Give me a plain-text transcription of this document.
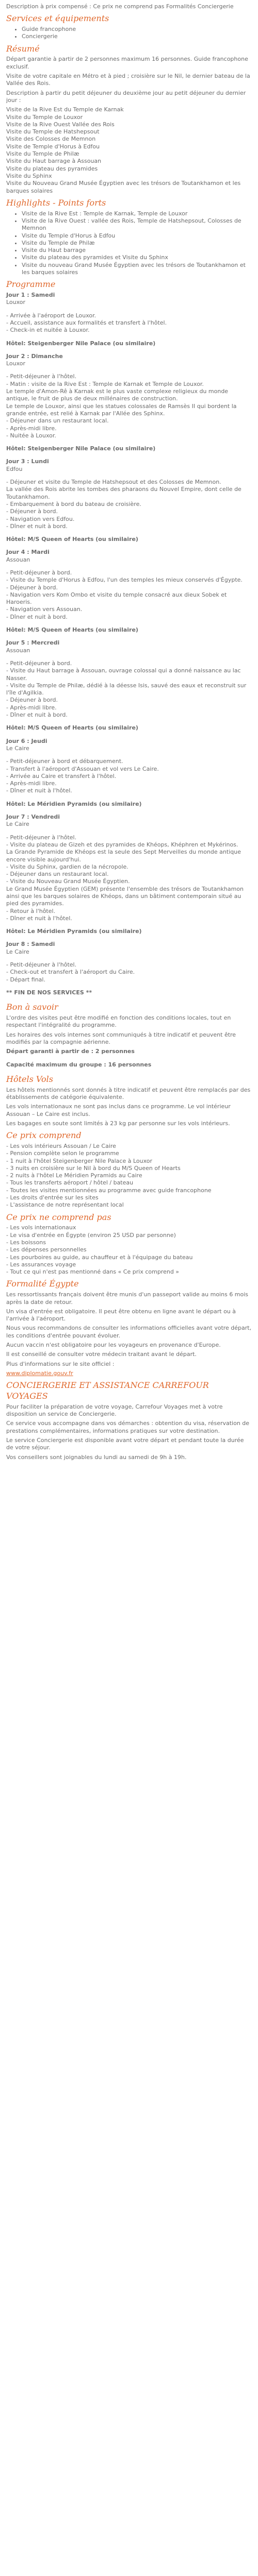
Description à prix compensé : Ce prix ne comprend pas Formalités Conciergerie

Services et équipements
• Guide francophone
• Conciergerie
Résumé

Départ garantie à partir de 2 personnes maximum 16 personnes. Guide francophone exclusif.

Visite de votre capitale en Métro et à pied ; croisière sur le Nil, le dernier bateau de la Vallée des Rois.

Description à partir du petit déjeuner du deuxième jour au petit déjeuner du dernier jour :

Visite de la Rive Est du Temple de Karnak

Visite du Temple de Louxor

Visite de la Rive Ouest Vallée des Rois

Visite du Temple de Hatshepsout

Visite des Colosses de Memnon

Visite de Temple d'Horus à Edfou

Visite du Temple de Philæ

Visite du Haut barrage à Assouan

Visite du plateau des pyramides

Visite du Sphinx

Visite du Nouveau Grand Musée Égyptien avec les trésors de Toutankhamon et les barques solaires

Highlights - Points forts
• Visite de la Rive Est : Temple de Karnak, Temple de Louxor
• Visite de la Rive Ouest : vallée des Rois, Temple de Hatshepsout, Colosses de Memnon
• Visite du Temple d'Horus à Edfou
• Visite du Temple de Philæ
• Visite du Haut barrage
• Visite du plateau des pyramides et Visite du Sphinx
• Visite du nouveau Grand Musée Égyptien avec les trésors de Toutankhamon et les barques solaires
Programme

Jour 1 : Samedi

Louxor

- Arrivée à l'aéroport de Louxor.

- Accueil, assistance aux formalités et transfert à l'hôtel.

- Check-in et nuitée à Louxor.

Hôtel: Steigenberger Nile Palace (ou similaire)

Jour 2 : Dimanche

Louxor

- Petit-déjeuner à l'hôtel.

- Matin : visite de la Rive Est : Temple de Karnak et Temple de Louxor.

Le temple d'Amon-Rê à Karnak est le plus vaste complexe religieux du monde antique, le fruit de plus de deux millénaires de construction.

Le temple de Louxor, ainsi que les statues colossales de Ramsès II qui bordent la grande entrée, est relié à Karnak par l'Allée des Sphinx.

- Déjeuner dans un restaurant local.

- Après-midi libre.

- Nuitée à Louxor.

Hôtel: Steigenberger Nile Palace (ou similaire)

Jour 3 : Lundi

Edfou

- Déjeuner et visite du Temple de Hatshepsout et des Colosses de Memnon.

La vallée des Rois abrite les tombes des pharaons du Nouvel Empire, dont celle de Toutankhamon.

- Embarquement à bord du bateau de croisière.

- Déjeuner à bord.

- Navigation vers Edfou.

- Dîner et nuit à bord.

Hôtel: M/S Queen of Hearts (ou similaire)

Jour 4 : Mardi

Assouan

- Petit-déjeuner à bord.

- Visite du Temple d'Horus à Edfou, l'un des temples les mieux conservés d'Égypte.

- Déjeuner à bord.

- Navigation vers Kom Ombo et visite du temple consacré aux dieux Sobek et Haroeris.

- Navigation vers Assouan.

- Dîner et nuit à bord.

Hôtel: M/S Queen of Hearts (ou similaire)

Jour 5 : Mercredi

Assouan

- Petit-déjeuner à bord.

- Visite du Haut barrage à Assouan, ouvrage colossal qui a donné naissance au lac Nasser.

- Visite du Temple de Philæ, dédié à la déesse Isis, sauvé des eaux et reconstruit sur l'île d'Agilkia.

- Déjeuner à bord.

- Après-midi libre.

- Dîner et nuit à bord.

Hôtel: M/S Queen of Hearts (ou similaire)

Jour 6 : Jeudi

Le Caire

- Petit-déjeuner à bord et débarquement.

- Transfert à l'aéroport d'Assouan et vol vers Le Caire.

- Arrivée au Caire et transfert à l'hôtel.

- Après-midi libre.

- Dîner et nuit à l'hôtel.

Hôtel: Le Méridien Pyramids (ou similaire)

Jour 7 : Vendredi

Le Caire

- Petit-déjeuner à l'hôtel.

- Visite du plateau de Gizeh et des pyramides de Khéops, Khéphren et Mykérinos.

La Grande Pyramide de Khéops est la seule des Sept Merveilles du monde antique encore visible aujourd'hui.

- Visite du Sphinx, gardien de la nécropole.

- Déjeuner dans un restaurant local.

- Visite du Nouveau Grand Musée Égyptien.

Le Grand Musée Égyptien (GEM) présente l'ensemble des trésors de Toutankhamon ainsi que les barques solaires de Khéops, dans un bâtiment contemporain situé au pied des pyramides.

- Retour à l'hôtel.

- Dîner et nuit à l'hôtel.

Hôtel: Le Méridien Pyramids (ou similaire)

Jour 8 : Samedi

Le Caire

- Petit-déjeuner à l'hôtel.

- Check-out et transfert à l'aéroport du Caire.

- Départ final.

** FIN DE NOS SERVICES **

Bon à savoir

L'ordre des visites peut être modifié en fonction des conditions locales, tout en respectant l'intégralité du programme.

Les horaires des vols internes sont communiqués à titre indicatif et peuvent être modifiés par la compagnie aérienne.

Départ garanti à partir de : 2 personnes

Capacité maximum du groupe : 16 personnes

Hôtels Vols

Les hôtels mentionnés sont donnés à titre indicatif et peuvent être remplacés par des établissements de catégorie équivalente.

Les vols internationaux ne sont pas inclus dans ce programme. Le vol intérieur Assouan – Le Caire est inclus.

Les bagages en soute sont limités à 23 kg par personne sur les vols intérieurs.

Ce prix comprend

- Les vols intérieurs Assouan / Le Caire

- Pension complète selon le programme

- 1 nuit à l'hôtel Steigenberger Nile Palace à Louxor

- 3 nuits en croisière sur le Nil à bord du M/S Queen of Hearts

- 2 nuits à l'hôtel Le Méridien Pyramids au Caire

- Tous les transferts aéroport / hôtel / bateau

- Toutes les visites mentionnées au programme avec guide francophone

- Les droits d'entrée sur les sites

- L'assistance de notre représentant local

Ce prix ne comprend pas

- Les vols internationaux

- Le visa d'entrée en Égypte (environ 25 USD par personne)

- Les boissons

- Les dépenses personnelles

- Les pourboires au guide, au chauffeur et à l'équipage du bateau

- Les assurances voyage

- Tout ce qui n'est pas mentionné dans « Ce prix comprend »

Formalité Égypte

Les ressortissants français doivent être munis d'un passeport valide au moins 6 mois après la date de retour.

Un visa d'entrée est obligatoire. Il peut être obtenu en ligne avant le départ ou à l'arrivée à l'aéroport.

Nous vous recommandons de consulter les informations officielles avant votre départ, les conditions d'entrée pouvant évoluer.

Aucun vaccin n'est obligatoire pour les voyageurs en provenance d'Europe.

Il est conseillé de consulter votre médecin traitant avant le départ.

Plus d'informations sur le site officiel :

www.diplomatie.gouv.fr

CONCIERGERIE ET ASSISTANCE CARREFOUR VOYAGES

Pour faciliter la préparation de votre voyage, Carrefour Voyages met à votre disposition un service de Conciergerie.

Ce service vous accompagne dans vos démarches : obtention du visa, réservation de prestations complémentaires, informations pratiques sur votre destination.

Le service Conciergerie est disponible avant votre départ et pendant toute la durée de votre séjour.

Vos conseillers sont joignables du lundi au samedi de 9h à 19h.
